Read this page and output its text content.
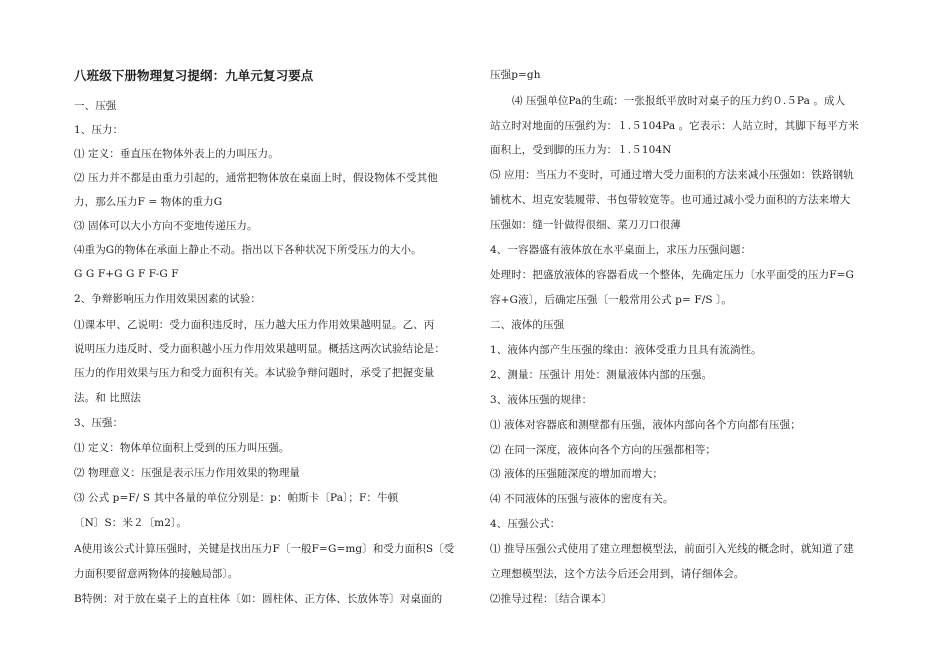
八班级下册物理复习提纲：九单元复习要点
一、压强
1、压力：
⑴ 定义：垂直压在物体外表上的力叫压力。
⑵ 压力并不都是由重力引起的，通常把物体放在桌面上时，假设物体不受其他
力，那么压力F = 物体的重力G
⑶ 固体可以大小方向不变地传递压力。
⑷重为G的物体在承面上静止不动。指出以下各种状况下所受压力的大小。
G G F+G G F F-G F
2、争辩影响压力作用效果因素的试验：
⑴课本甲、乙说明：受力面积违反时，压力越大压力作用效果越明显。乙、丙
说明压力违反时、受力面积越小压力作用效果越明显。概括这两次试验结论是：
压力的作用效果与压力和受力面积有关。本试验争辩问题时，承受了把握变量
法。和 比照法
3、压强：
⑴ 定义：物体单位面积上受到的压力叫压强。
⑵ 物理意义：压强是表示压力作用效果的物理量
⑶ 公式 p=F/ S 其中各量的单位分别是：p：帕斯卡〔Pa〕；F：牛顿
〔N〕S：米２〔m2〕。
A使用该公式计算压强时，关键是找出压力F〔一般F=G=mg〕和受力面积S〔受
力面积要留意两物体的接触局部〕。
B特例：对于放在桌子上的直柱体〔如：圆柱体、正方体、长放体等〕对桌面的
压强p=gh
⑷ 压强单位Pa的生疏：一张报纸平放时对桌子的压力约０.５Pa 。成人
站立时对地面的压强约为：１.５104Pa 。它表示：人站立时，其脚下每平方米
面积上，受到脚的压力为：１.５104N
⑸ 应用：当压力不变时，可通过增大受力面积的方法来减小压强如：铁路钢轨
铺枕木、坦克安装履带、书包带较宽等。也可通过减小受力面积的方法来增大
压强如：缝一针做得很细、菜刀刀口很薄
4、一容器盛有液体放在水平桌面上，求压力压强问题：
处理时：把盛放液体的容器看成一个整体，先确定压力〔水平面受的压力F=G
容+G液〕，后确定压强〔一般常用公式 p= F/S 〕。
二、液体的压强
1、液体内部产生压强的缘由：液体受重力且具有流淌性。
2、测量：压强计 用处：测量液体内部的压强。
3、液体压强的规律：
⑴ 液体对容器底和测壁都有压强，液体内部向各个方向都有压强；
⑵ 在同一深度，液体向各个方向的压强都相等；
⑶ 液体的压强随深度的增加而增大；
⑷ 不同液体的压强与液体的密度有关。
4、压强公式：
⑴ 推导压强公式使用了建立理想模型法，前面引入光线的概念时，就知道了建
立理想模型法，这个方法今后还会用到，请仔细体会。
⑵推导过程：〔结合课本〕
